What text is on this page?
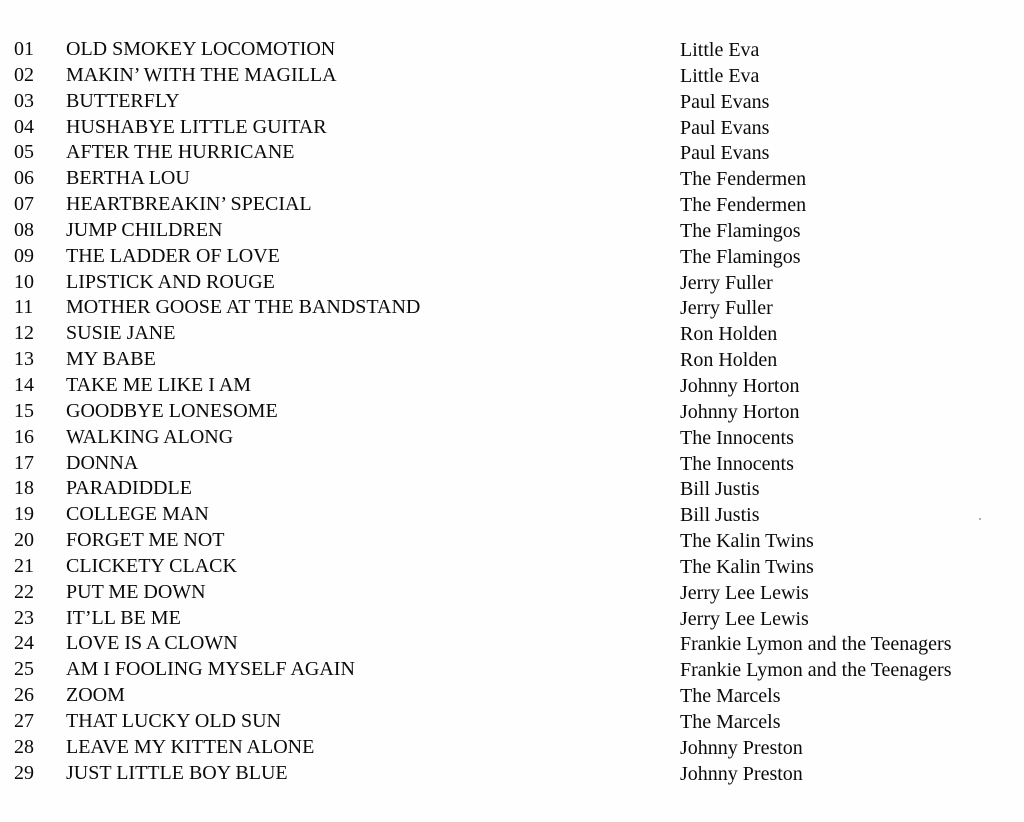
01 OLD SMOKEY LOCOMOTION	Little Eva
02 MAKIN’ WITH THE MAGILLA	Little Eva
03 BUTTERFLY	Paul Evans
04 HUSHABYE LITTLE GUITAR	Paul Evans
05 AFTER THE HURRICANE	Paul Evans
06 BERTHA LOU	The Fendermen
07 HEARTBREAKIN’ SPECIAL	The Fendermen
08 JUMP CHILDREN	The Flamingos
09 THE LADDER OF LOVE	The Flamingos
10 LIPSTICK AND ROUGE	Jerry Fuller
11 MOTHER GOOSE AT THE BANDSTAND	Jerry Fuller
12 SUSIE JANE	Ron Holden
13 MY BABE	Ron Holden
14 TAKE ME LIKE I AM	Johnny Horton
15 GOODBYE LONESOME	Johnny Horton
16 WALKING ALONG	The Innocents
17 DONNA	The Innocents
18 PARADIDDLE	Bill Justis
19 COLLEGE MAN	Bill Justis
20 FORGET ME NOT	The Kalin Twins
21 CLICKETY CLACK	The Kalin Twins
22 PUT ME DOWN	Jerry Lee Lewis
23 IT’LL BE ME	Jerry Lee Lewis
24 LOVE IS A CLOWN	Frankie Lymon and the Teenagers
25 AM I FOOLING MYSELF AGAIN	Frankie Lymon and the Teenagers
26 ZOOM	The Marcels
27 THAT LUCKY OLD SUN	The Marcels
28 LEAVE MY KITTEN ALONE	Johnny Preston
29 JUST LITTLE BOY BLUE	Johnny Preston
